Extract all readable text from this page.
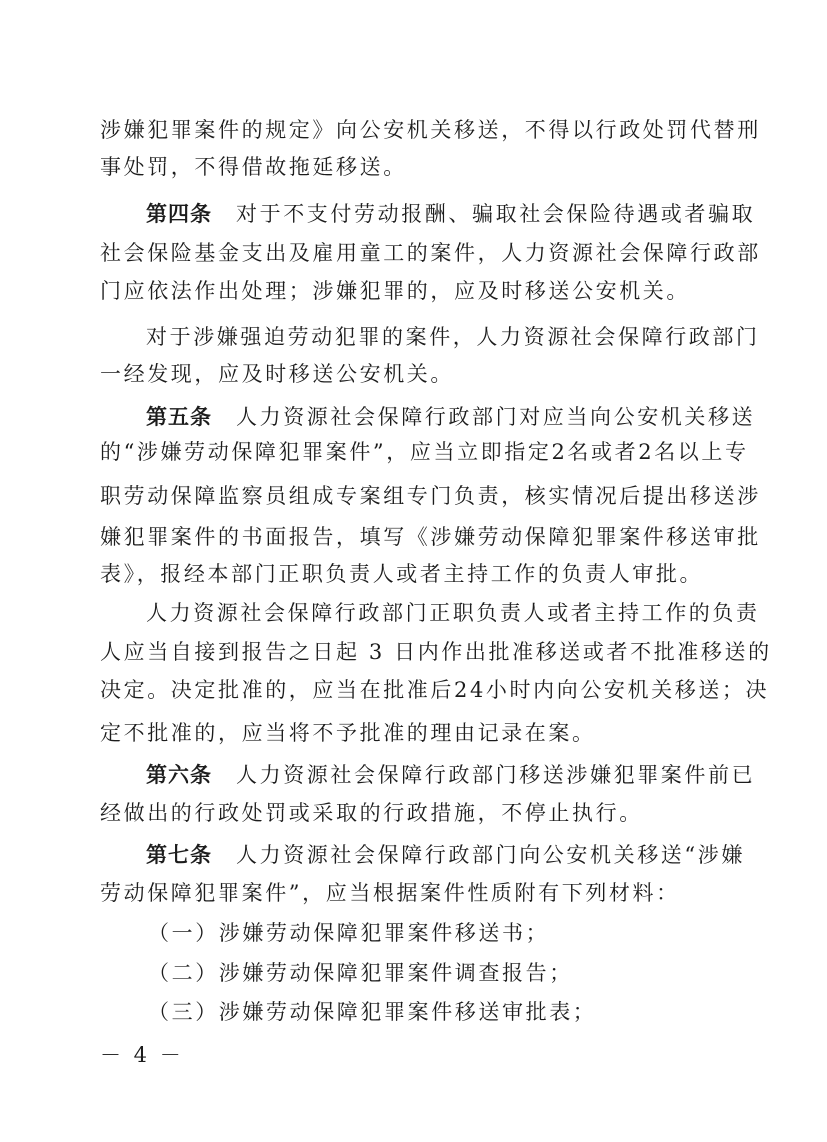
涉嫌犯罪案件的规定》向公安机关移送，不得以行政处罚代替刑
事处罚，不得借故拖延移送。
第四条 对于不支付劳动报酬、骗取社会保险待遇或者骗取
社会保险基金支出及雇用童工的案件，人力资源社会保障行政部
门应依法作出处理；涉嫌犯罪的，应及时移送公安机关。
对于涉嫌强迫劳动犯罪的案件，人力资源社会保障行政部门
一经发现，应及时移送公安机关。
第五条 人力资源社会保障行政部门对应当向公安机关移送
的“涉嫌劳动保障犯罪案件”，应当立即指定2名或者2名以上专
职劳动保障监察员组成专案组专门负责，核实情况后提出移送涉
嫌犯罪案件的书面报告，填写《涉嫌劳动保障犯罪案件移送审批
表》，报经本部门正职负责人或者主持工作的负责人审批。
人力资源社会保障行政部门正职负责人或者主持工作的负责
人应当自接到报告之日起 3 日内作出批准移送或者不批准移送的
决定。决定批准的，应当在批准后24小时内向公安机关移送；决
定不批准的，应当将不予批准的理由记录在案。
第六条 人力资源社会保障行政部门移送涉嫌犯罪案件前已
经做出的行政处罚或采取的行政措施，不停止执行。
第七条 人力资源社会保障行政部门向公安机关移送“涉嫌
劳动保障犯罪案件”，应当根据案件性质附有下列材料：
（一）涉嫌劳动保障犯罪案件移送书；
（二）涉嫌劳动保障犯罪案件调查报告；
（三）涉嫌劳动保障犯罪案件移送审批表；
－ 4 －
